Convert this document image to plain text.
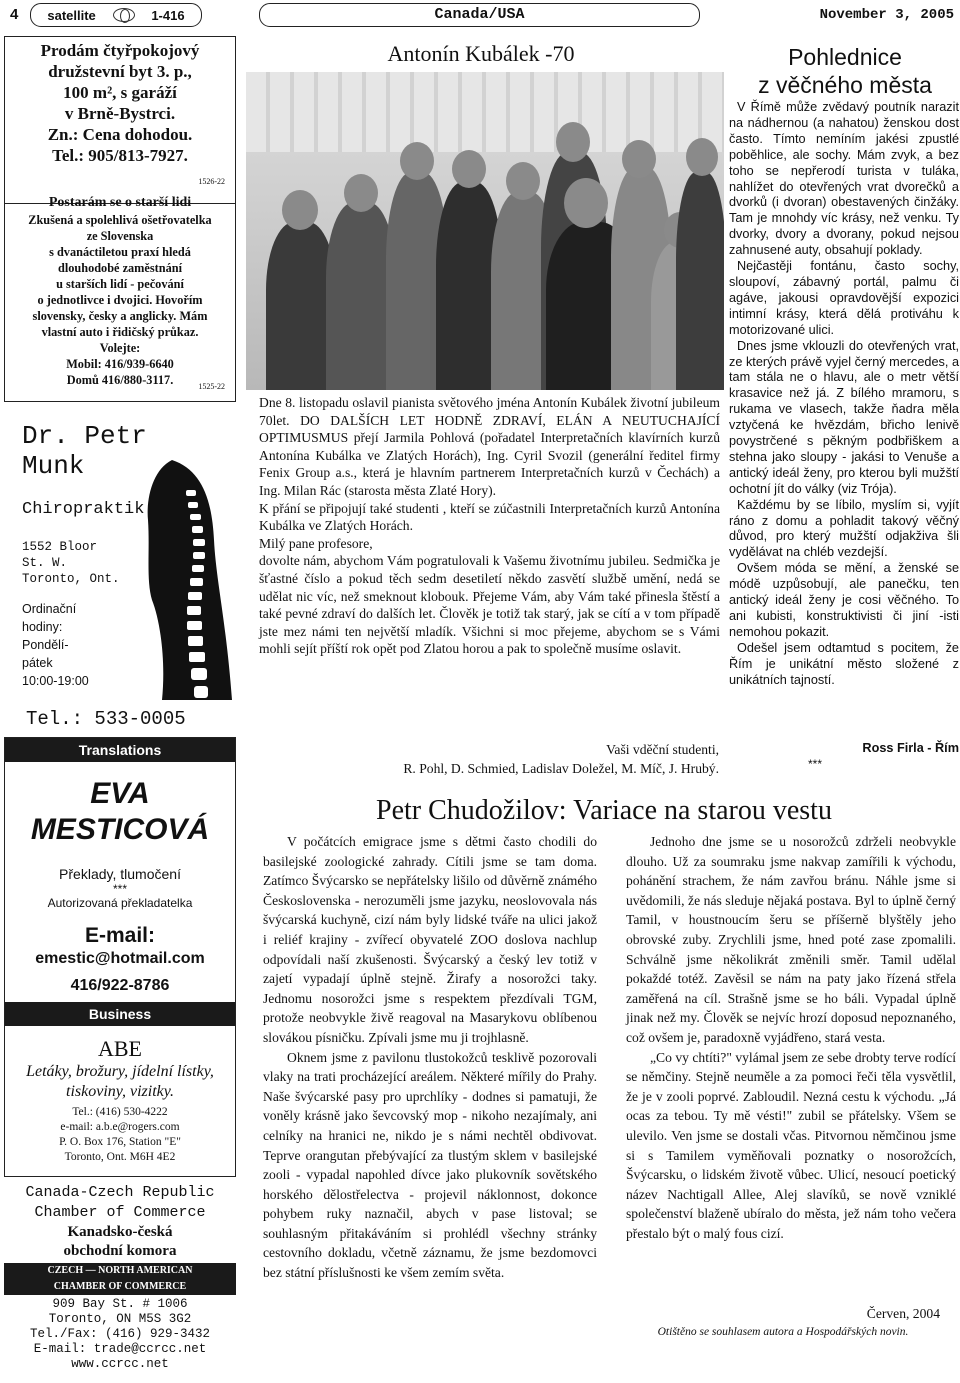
4 satellite	1-416	Canada/USA	November 3, 2005
Prodám čtyřpokojový
družstevní byt 3. p.,
100 m², s garáží
v Brně-Bystrci.
Zn.: Cena dohodou.
Tel.: 905/813-7927.
1526-22
Postarám se o starší lidi
Zkušená a spolehlivá ošetřovatelka
ze Slovenska
s dvanáctiletou praxí hledá
dlouhodobé zaměstnání
u starších lidí - pečování
o jednotlivce i dvojici. Hovořím
slovensky, česky a anglicky. Mám
vlastní auto i řidičský průkaz.
Volejte:
Mobil: 416/939-6640
Domů 416/880-3117.	1525-22
Dr. Petr
Munk
Chiropraktik
1552 Bloor
St. W.
Toronto, Ont.
Ordinační
hodiny:
Pondělí-
pátek
10:00-19:00
Tel.: 533-0005
Translations
EVA
MESTICOVÁ
Překlady, tlumočení
***
Autorizovaná překladatelka
E-mail:
emestic@hotmail.com
416/922-8786
Business
ABE
Letáky, brožury, jídelní lístky, tiskoviny, vizitky.
Tel.: (416) 530-4222
e-mail: a.b.e@rogers.com
P. O. Box 176, Station "E"
Toronto, Ont. M6H 4E2
Canada-Czech Republic
Chamber of Commerce
Kanadsko-česká
obchodní komora
CZECH — NORTH AMERICAN
CHAMBER OF COMMERCE
909 Bay St. # 1006
Toronto, ON M5S 3G2
Tel./Fax: (416) 929-3432
E-mail: trade@ccrcc.net
www.ccrcc.net
Antonín Kubálek -70

Dne 8. listopadu oslavil pianista světového jména Antonín Kubálek životní jubileum 70let. DO DALŠÍCH LET HODNĚ ZDRAVÍ, ELÁN A NEUTUCHAJÍCÍ OPTIMUSMUS přejí Jarmila Pohlová (pořadatel Interpretačních klavírních kurzů Antonína Kubálka ve Zlatých Horách), Ing. Cyril Svozil (generální ředitel firmy Fenix Group a.s., která je hlavním partnerem Interpretačních kurzů v Čechách) a Ing. Milan Rác (starosta města Zlaté Hory).

K přání se připojují také studenti , kteří se zúčastnili Interpretačních kurzů Antonína Kubálka ve Zlatých Horách.

Milý pane profesore,

dovolte nám, abychom Vám pogratulovali k Vašemu životnímu jubileu. Sedmička je šťastné číslo a pokud těch sedm desetiletí někdo zasvětí službě umění, nedá se udělat nic víc, než smeknout klobouk. Přejeme Vám, aby Vám také přinesla štěstí a také pevné zdraví do dalších let. Člověk je totiž tak starý, jak se cítí a v tom případě jste mez námi ten největší mladík. Všichni si moc přejeme, abychom se s Vámi mohli sejít příští rok opět pod Zlatou horou a pak to společně musíme oslavit.

Vaši vděční studenti,
R. Pohl, D. Schmied, Ladislav Doležel, M. Míč, J. Hrubý.
Pohlednice
z věčného města

V Římě může zvědavý poutník narazit na nádhernou (a nahatou) ženskou dost často. Tímto nemíním jakési zpustlé poběhlice, ale sochy. Mám zvyk, a bez toho se nepřerodí turista v tuláka, nahlížet do otevřených vrat dvorečků a dvorků (i dvoran) obestavených činžáky. Tam je mnohdy víc krásy, než venku. Ty dvorky, dvory a dvorany, pokud nejsou zahnusené auty, obsahují poklady.

Nejčastěji fontánu, často sochy, sloupoví, zábavný portál, palmu či agáve, jakousi opravdovější expozici intimní krásy, která dělá protiváhu k motorizované ulici.

Dnes jsme vklouzli do otevřených vrat, ze kterých právě vyjel černý mercedes, a tam stála ne o hlavu, ale o metr větší krasavice než já. Z bílého mramoru, s rukama ve vlasech, takže ňadra měla vztyčená ke hvězdám, břicho lenivě povystrčené s pěkným podbřiškem a stehna jako sloupy - jakási to Venuše a antický ideál ženy, pro kterou byli mužští ochotní jít do války (viz Trója).

Každému by se líbilo, myslím si, vyjít ráno z domu a pohladit takový věčný důvod, pro který mužští odjakživa šli vydělávat na chléb vezdejší.

Ovšem móda se mění, a ženské se módě uzpůsobují, ale panečku, ten antický ideál ženy je cosi věčného. To ani kubisti, konstruktivisti či jiní -isti nemohou pokazit.

Odešel jsem odtamtud s pocitem, že Řím je unikátní město složené z unikátních tajností.

Ross Firla - Řím
***
Petr Chudožilov: Variace na starou vestu

V počátcích emigrace jsme s dětmi často chodili do basilejské zoologické zahrady. Cítili jsme se tam doma. Zatímco Švýcarsko se nepřátelsky lišilo od důvěrně známého Československa - nerozuměli jsme jazyku, neoslovovala nás švýcarská kuchyně, cizí nám byly lidské tváře na ulici jakož i reliéf krajiny - zvířecí obyvatelé ZOO doslova nachlup odpovídali naší zkušenosti. Švýcarský a český lev totiž v zajetí vypadají úplně stejně. Žirafy a nosorožci taky. Jednomu nosorožci jsme s respektem přezdívali TGM, protože neobvykle živě reagoval na Masarykovu oblíbenou slovákou písničku. Zpívali jsme mu ji trojhlasně.

Oknem jsme z pavilonu tlustokožců tesklivě pozorovali vlaky na trati procházející areálem. Některé mířily do Prahy. Naše švýcarské pasy pro uprchlíky - dodnes si pamatuji, že voněly krásně jako ševcovský mop - nikoho nezajímaly, ani celníky na hranici ne, nikdo je s námi nechtěl obdivovat. Teprve orangutan přebývající za tlustým sklem v basilejské zooli - vypadal napohled dívce jako plukovník sovětského horského dělostřelectva - projevil náklonnost, dokonce pohybem ruky naznačil, abych v pase listoval; se souhlasným přitakáváním si prohlédl všechny stránky cestovního dokladu, včetně záznamu, že jsme bezdomovci bez státní příslušnosti ke všem zemím světa.

Jednoho dne jsme se u nosorožců zdrželi neobvykle dlouho. Už za soumraku jsme nakvap zamířili k východu, pohánění strachem, že nám zavřou bránu. Náhle jsme si uvědomili, že nás sleduje nějaká postava. Byl to úplně černý Tamil, v houstnoucím šeru se příšerně blyštěly jeho obrovské zuby. Zrychlili jsme, hned poté zase zpomalili. Schválně jsme několikrát změnili směr. Tamil udělal pokaždé totéž. Zavěsil se nám na paty jako řízená střela zaměřená na cíl. Strašně jsme se ho báli. Vypadal úplně jinak než my. Člověk se nejvíc hrozí doposud nepoznaného, což ovšem je, paradoxně vyjádřeno, stará vesta.

„Co vy chtíti?" vylámal jsem ze sebe drobty terve rodící se němčiny. Stejně neuměle a za pomoci řeči těla vysvětlil, že je v zooli poprvé. Zabloudil. Nezná cestu k východu. „Já ocas za tebou. Ty mě vésti!" zubil se přátelsky. Všem se ulevilo. Ven jsme se dostali včas. Pitvornou němčinou jsme si s Tamilem vyměňovali poznatky o nosorožcích, Švýcarsku, o lidském životě vůbec. Ulicí, nesoucí poetický název Nachtigall Allee, Alej slavíků, se nově vzniklé společenství blaženě ubíralo do města, jež nám toho večera přestalo být o malý fous cizí.

Červen, 2004
Otištěno se souhlasem autora a Hospodářských novin.
